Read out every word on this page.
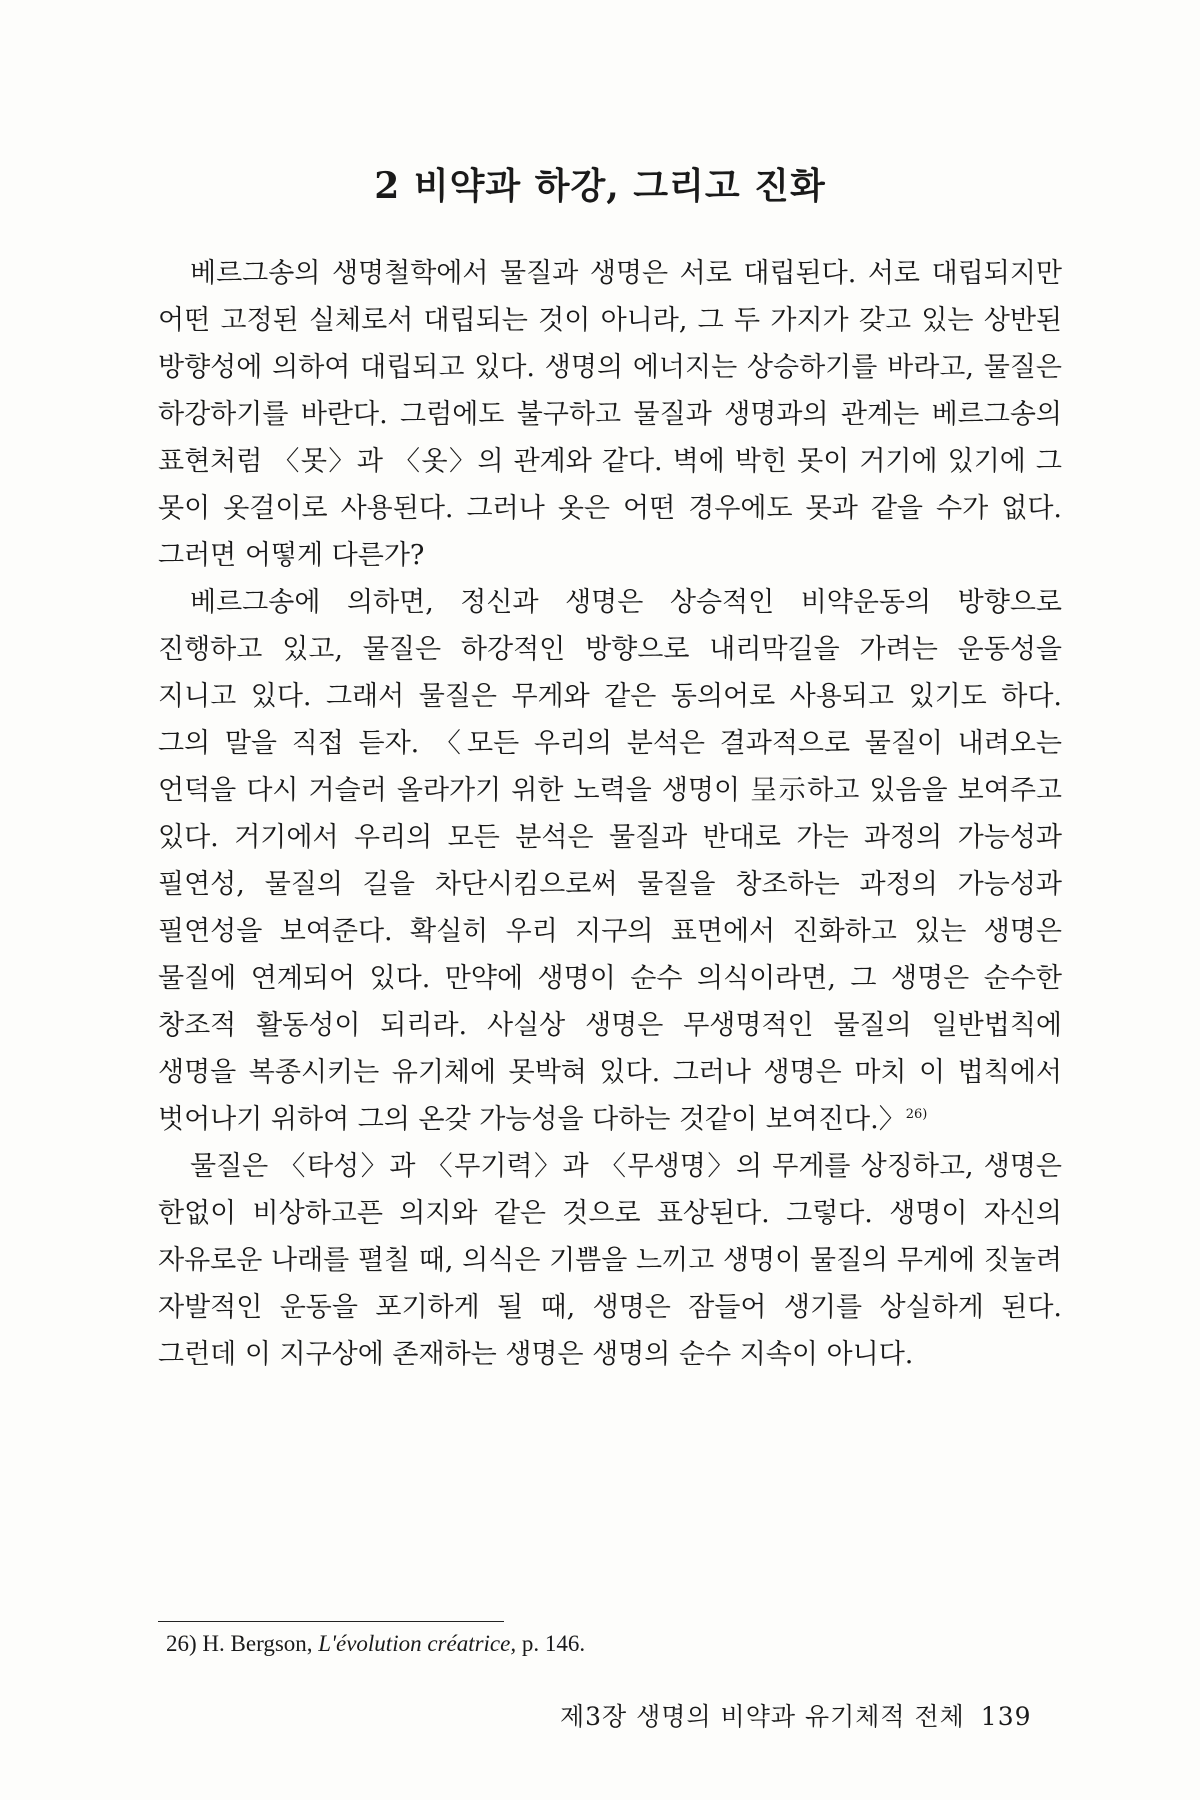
2 비약과 하강, 그리고 진화

베르그송의 생명철학에서 물질과 생명은 서로 대립된다. 서로 대립되지만 어떤 고정된 실체로서 대립되는 것이 아니라, 그 두 가지가 갖고 있는 상반된 방향성에 의하여 대립되고 있다. 생명의 에너지는 상승하기를 바라고, 물질은 하강하기를 바란다. 그럼에도 불구하고 물질과 생명과의 관계는 베르그송의 표현처럼 〈못〉과 〈옷〉의 관계와 같다. 벽에 박힌 못이 거기에 있기에 그 못이 옷걸이로 사용된다. 그러나 옷은 어떤 경우에도 못과 같을 수가 없다. 그러면 어떻게 다른가?

베르그송에 의하면, 정신과 생명은 상승적인 비약운동의 방향으로 진행하고 있고, 물질은 하강적인 방향으로 내리막길을 가려는 운동성을 지니고 있다. 그래서 물질은 무게와 같은 동의어로 사용되고 있기도 하다. 그의 말을 직접 듣자. 〈모든 우리의 분석은 결과적으로 물질이 내려오는 언덕을 다시 거슬러 올라가기 위한 노력을 생명이 呈示하고 있음을 보여주고 있다. 거기에서 우리의 모든 분석은 물질과 반대로 가는 과정의 가능성과 필연성, 물질의 길을 차단시킴으로써 물질을 창조하는 과정의 가능성과 필연성을 보여준다. 확실히 우리 지구의 표면에서 진화하고 있는 생명은 물질에 연계되어 있다. 만약에 생명이 순수 의식이라면, 그 생명은 순수한 창조적 활동성이 되리라. 사실상 생명은 무생명적인 물질의 일반법칙에 생명을 복종시키는 유기체에 못박혀 있다. 그러나 생명은 마치 이 법칙에서 벗어나기 위하여 그의 온갖 가능성을 다하는 것같이 보여진다.〉$^{26)}$

물질은 〈타성〉과 〈무기력〉과 〈무생명〉의 무게를 상징하고, 생명은 한없이 비상하고픈 의지와 같은 것으로 표상된다. 그렇다. 생명이 자신의 자유로운 나래를 펼칠 때, 의식은 기쁨을 느끼고 생명이 물질의 무게에 짓눌려 자발적인 운동을 포기하게 될 때, 생명은 잠들어 생기를 상실하게 된다. 그런데 이 지구상에 존재하는 생명은 생명의 순수 지속이 아니다.

26) H. Bergson, L'évolution créatrice, p. 146.
제3장 생명의 비약과 유기체적 전체 139
